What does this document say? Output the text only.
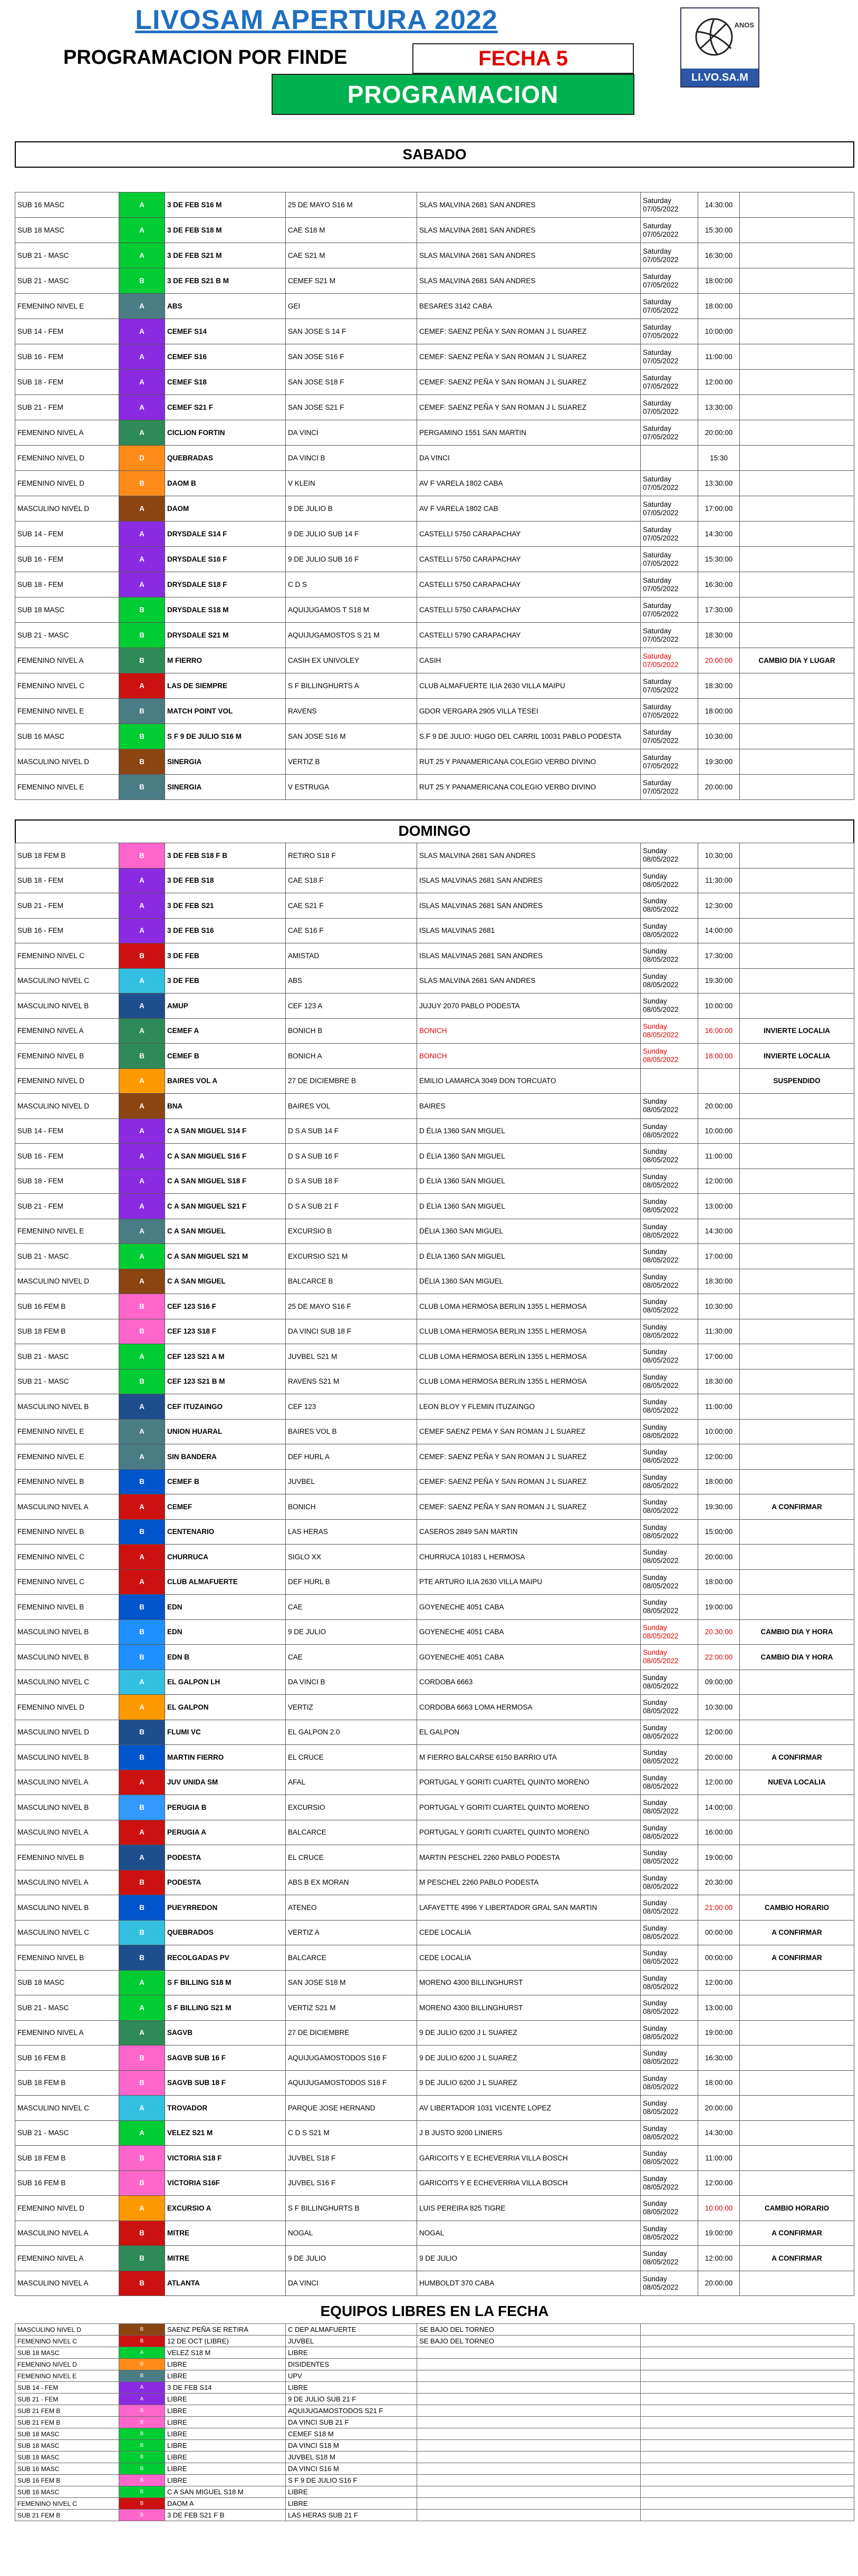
LIVOSAM APERTURA 2022
PROGRAMACION POR FINDE	FECHA 5
PROGRAMACION
ANOS
LI.VO.SA.M
SABADO
SUB 16 MASC	A	3 DE FEB S16 M	25 DE MAYO S16 M	SLAS MALVINA 2681 SAN ANDRES	Saturday
07/05/2022	14:30:00	
SUB 18 MASC	A	3 DE FEB S18 M	CAE S18 M	SLAS MALVINA 2681 SAN ANDRES	Saturday
07/05/2022	15:30:00	
SUB 21 - MASC	A	3 DE FEB S21 M	CAE S21 M	SLAS MALVINA 2681 SAN ANDRES	Saturday
07/05/2022	16:30:00	
SUB 21 - MASC	B	3 DE FEB S21 B M	CEMEF S21 M	SLAS MALVINA 2681 SAN ANDRES	Saturday
07/05/2022	18:00:00	
FEMENINO NIVEL E	A	ABS	GEI	BESARES 3142 CABA	Saturday
07/05/2022	18:00:00	
SUB 14 - FEM	A	CEMEF S14	SAN JOSE S 14 F	CEMEF: SAENZ PEÑA Y SAN ROMAN J L SUAREZ	Saturday
07/05/2022	10:00:00	
SUB 16 - FEM	A	CEMEF S16	SAN JOSE S16 F	CEMEF: SAENZ PEÑA Y SAN ROMAN J L SUAREZ	Saturday
07/05/2022	11:00:00	
SUB 18 - FEM	A	CEMEF S18	SAN JOSE S18 F	CEMEF: SAENZ PEÑA Y SAN ROMAN J L SUAREZ	Saturday
07/05/2022	12:00:00	
SUB 21 - FEM	A	CEMEF S21 F	SAN JOSE S21 F	CEMEF: SAENZ PEÑA Y SAN ROMAN J L SUAREZ	Saturday
07/05/2022	13:30:00	
FEMENINO NIVEL A	A	CICLION FORTIN	DA VINCI	PERGAMINO 1551 SAN MARTIN	Saturday
07/05/2022	20:00:00	
FEMENINO NIVEL D	D	QUEBRADAS	DA VINCI B	DA VINCI		15:30	
FEMENINO NIVEL D	B	DAOM B	V KLEIN	AV F VARELA 1802 CABA	Saturday
07/05/2022	13:30:00	
MASCULINO NIVEL D	A	DAOM	9 DE JULIO B	AV F VARELA 1802 CAB	Saturday
07/05/2022	17:00:00	
SUB 14 - FEM	A	DRYSDALE S14 F	9 DE JULIO SUB 14 F	CASTELLI 5750 CARAPACHAY	Saturday
07/05/2022	14:30:00	
SUB 16 - FEM	A	DRYSDALE S16 F	9 DE JULIO SUB 16 F	CASTELLI 5750 CARAPACHAY	Saturday
07/05/2022	15:30:00	
SUB 18 - FEM	A	DRYSDALE S18 F	C D S	CASTELLI 5750 CARAPACHAY	Saturday
07/05/2022	16:30:00	
SUB 18 MASC	B	DRYSDALE S18 M	AQUIJUGAMOS T S18 M	CASTELLI 5750 CARAPACHAY	Saturday
07/05/2022	17:30:00	
SUB 21 - MASC	B	DRYSDALE S21 M	AQUIJUGAMOSTOS S 21 M	CASTELLI 5790 CARAPACHAY	Saturday
07/05/2022	18:30:00	
FEMENINO NIVEL A	B	M FIERRO	CASIH EX UNIVOLEY	CASIH	Saturday
07/05/2022	20:00:00	CAMBIO DIA Y LUGAR
FEMENINO NIVEL C	A	LAS DE SIEMPRE	S F BILLINGHURTS A	CLUB ALMAFUERTE ILIA 2630 VILLA MAIPU	Saturday
07/05/2022	18:30:00	
FEMENINO NIVEL E	B	MATCH POINT VOL	RAVENS	GDOR VERGARA 2905 VILLA TESEI	Saturday
07/05/2022	18:00:00	
SUB 16 MASC	B	S F 9 DE JULIO S16 M	SAN JOSE S16 M	S.F 9 DE JULIO: HUGO DEL CARRIL 10031 PABLO PODESTA	Saturday
07/05/2022	10:30:00	
MASCULINO NIVEL D	B	SINERGIA	VERTIZ B	RUT 25 Y PANAMERICANA COLEGIO VERBO DIVINO	Saturday
07/05/2022	19:30:00	
FEMENINO NIVEL E	B	SINERGIA	V ESTRUGA	RUT 25 Y PANAMERICANA COLEGIO VERBO DIVINO	Saturday
07/05/2022	20:00:00	
DOMINGO
SUB 18 FEM B	B	3 DE FEB S18 F B	RETIRO S18 F	SLAS MALVINA 2681 SAN ANDRES	Sunday
08/05/2022	10:30:00	
SUB 18 - FEM	A	3 DE FEB S18	CAE S18 F	ISLAS MALVINAS 2681 SAN ANDRES	Sunday
08/05/2022	11:30:00	
SUB 21 - FEM	A	3 DE FEB S21	CAE S21 F	ISLAS MALVINAS 2681 SAN ANDRES	Sunday
08/05/2022	12:30:00	
SUB 16 - FEM	A	3 DE FEB S16	CAE S16 F	ISLAS MALVINAS 2681	Sunday
08/05/2022	14:00:00	
FEMENINO NIVEL C	B	3 DE FEB	AMISTAD	ISLAS MALVINAS 2681 SAN ANDRES	Sunday
08/05/2022	17:30:00	
MASCULINO NIVEL C	A	3 DE FEB	ABS	SLAS MALVINA 2681 SAN ANDRES	Sunday
08/05/2022	19:30:00	
MASCULINO NIVEL B	A	AMUP	CEF 123 A	JUJUY 2070 PABLO PODESTA	Sunday
08/05/2022	10:00:00	
FEMENINO NIVEL A	A	CEMEF A	BONICH B	BONICH	Sunday
08/05/2022	16:00:00	INVIERTE LOCALIA
FEMENINO NIVEL B	B	CEMEF B	BONICH A	BONICH	Sunday
08/05/2022	18:00:00	INVIERTE LOCALIA
FEMENINO NIVEL D	A	BAIRES VOL A	27 DE DICIEMBRE B	EMILIO LAMARCA 3049 DON TORCUATO			SUSPENDIDO
MASCULINO NIVEL D	A	BNA	BAIRES VOL	BAIRES	Sunday
08/05/2022	20:00:00	
SUB 14 - FEM	A	C A SAN MIGUEL S14 F	D S A SUB 14 F	D ÉLIA 1360 SAN MIGUEL	Sunday
08/05/2022	10:00:00	
SUB 16 - FEM	A	C A SAN MIGUEL S16 F	D S A SUB 16 F	D ÉLIA 1360 SAN MIGUEL	Sunday
08/05/2022	11:00:00	
SUB 18 - FEM	A	C A SAN MIGUEL S18 F	D S A SUB 18 F	D ÉLIA 1360 SAN MIGUEL	Sunday
08/05/2022	12:00:00	
SUB 21 - FEM	A	C A SAN MIGUEL S21 F	D S A SUB 21 F	D ÉLIA 1360 SAN MIGUEL	Sunday
08/05/2022	13:00:00	
FEMENINO NIVEL E	A	C A SAN MIGUEL	EXCURSIO B	DÉLIA 1360 SAN MIGUEL	Sunday
08/05/2022	14:30:00	
SUB 21 - MASC	A	C A SAN MIGUEL S21 M	EXCURSIO S21 M	D ÉLIA 1360 SAN MIGUEL	Sunday
08/05/2022	17:00:00	
MASCULINO NIVEL D	A	C A SAN MIGUEL	BALCARCE B	DÉLIA 1360 SAN MIGUEL	Sunday
08/05/2022	18:30:00	
SUB 16 FEM B	B	CEF 123 S16 F	25 DE MAYO S16 F	CLUB LOMA HERMOSA BERLIN 1355 L HERMOSA	Sunday
08/05/2022	10:30:00	
SUB 18 FEM B	B	CEF 123 S18 F	DA VINCI SUB 18 F	CLUB LOMA HERMOSA BERLIN 1355 L HERMOSA	Sunday
08/05/2022	11:30:00	
SUB 21 - MASC	A	CEF 123 S21 A M	JUVBEL S21 M	CLUB LOMA HERMOSA BERLIN 1355 L HERMOSA	Sunday
08/05/2022	17:00:00	
SUB 21 - MASC	B	CEF 123 S21 B M	RAVENS S21 M	CLUB LOMA HERMOSA BERLIN 1355 L HERMOSA	Sunday
08/05/2022	18:30:00	
MASCULINO NIVEL B	A	CEF ITUZAINGO	CEF 123	LEON BLOY Y FLEMIN ITUZAINGO	Sunday
08/05/2022	11:00:00	
FEMENINO NIVEL E	A	UNION HUARAL	BAIRES VOL B	CEMEF SAENZ PEMA Y SAN ROMAN J L SUAREZ	Sunday
08/05/2022	10:00:00	
FEMENINO NIVEL E	A	SIN BANDERA	DEF HURL A	CEMEF: SAENZ PEÑA Y SAN ROMAN J L SUAREZ	Sunday
08/05/2022	12:00:00	
FEMENINO NIVEL B	B	CEMEF B	JUVBEL	CEMEF: SAENZ PEÑA Y SAN ROMAN J L SUAREZ	Sunday
08/05/2022	18:00:00	
MASCULINO NIVEL A	A	CEMEF	BONICH	CEMEF: SAENZ PEÑA Y SAN ROMAN J L SUAREZ	Sunday
08/05/2022	19:30:00	A CONFIRMAR
FEMENINO NIVEL B	B	CENTENARIO	LAS HERAS	CASEROS 2849 SAN MARTIN	Sunday
08/05/2022	15:00:00	
FEMENINO NIVEL C	A	CHURRUCA	SIGLO XX	CHURRUCA 10183 L HERMOSA	Sunday
08/05/2022	20:00:00	
FEMENINO NIVEL C	A	CLUB ALMAFUERTE	DEF HURL B	PTE ARTURO ILIA 2630 VILLA MAIPU	Sunday
08/05/2022	18:00:00	
FEMENINO NIVEL B	B	EDN	CAE	GOYENECHE 4051 CABA	Sunday
08/05/2022	19:00:00	
MASCULINO NIVEL B	B	EDN	9 DE JULIO	GOYENECHE 4051 CABA	Sunday
08/05/2022	20:30:00	CAMBIO DIA Y HORA
MASCULINO NIVEL B	B	EDN B	CAE	GOYENECHE 4051 CABA	Sunday
08/05/2022	22:00:00	CAMBIO DIA Y HORA
MASCULINO NIVEL C	A	EL GALPON LH	DA VINCI B	CORDOBA 6663	Sunday
08/05/2022	09:00:00	
FEMENINO NIVEL D	A	EL GALPON	VERTIZ	CORDOBA 6663 LOMA HERMOSA	Sunday
08/05/2022	10:30:00	
MASCULINO NIVEL D	B	FLUMI VC	EL GALPON 2.0	EL GALPON	Sunday
08/05/2022	12:00:00	
MASCULINO NIVEL B	B	MARTIN FIERRO	EL CRUCE	M FIERRO BALCARSE 6150 BARRIO UTA	Sunday
08/05/2022	20:00:00	A CONFIRMAR
MASCULINO NIVEL A	A	JUV UNIDA SM	AFAL	PORTUGAL Y GORITI CUARTEL QUINTO MORENO	Sunday
08/05/2022	12:00:00	NUEVA LOCALIA
MASCULINO NIVEL B	B	PERUGIA B	EXCURSIO	PORTUGAL Y GORITI CUARTEL QUINTO MORENO	Sunday
08/05/2022	14:00:00	
MASCULINO NIVEL A	A	PERUGIA A	BALCARCE	PORTUGAL Y GORITI CUARTEL QUINTO MORENO	Sunday
08/05/2022	16:00:00	
FEMENINO NIVEL B	A	PODESTA	EL CRUCE	MARTIN PESCHEL 2260 PABLO PODESTA	Sunday
08/05/2022	19:00:00	
MASCULINO NIVEL A	B	PODESTA	ABS B EX MORAN	M PESCHEL 2260 PABLO PODESTA	Sunday
08/05/2022	20:30:00	
MASCULINO NIVEL B	B	PUEYRREDON	ATENEO	LAFAYETTE 4996 Y LIBERTADOR GRAL SAN MARTIN	Sunday
08/05/2022	21:00:00	CAMBIO HORARIO
MASCULINO NIVEL C	B	QUEBRADOS	VERTIZ A	CEDE LOCALIA	Sunday
08/05/2022	00:00:00	A CONFIRMAR
FEMENINO NIVEL B	B	RECOLGADAS PV	BALCARCE	CEDE LOCALIA	Sunday
08/05/2022	00:00:00	A CONFIRMAR
SUB 18 MASC	A	S F BILLING S18 M	SAN JOSE S18 M	MORENO 4300 BILLINGHURST	Sunday
08/05/2022	12:00:00	
SUB 21 - MASC	A	S F BILLING S21 M	VERTIZ S21 M	MORENO 4300 BILLINGHURST	Sunday
08/05/2022	13:00:00	
FEMENINO NIVEL A	A	SAGVB	27 DE DICIEMBRE	9 DE JULIO 6200 J L SUAREZ	Sunday
08/05/2022	19:00:00	
SUB 16 FEM B	B	SAGVB SUB 16 F	AQUIJUGAMOSTODOS S16 F	9 DE JULIO 6200 J L SUAREZ	Sunday
08/05/2022	16:30:00	
SUB 18 FEM B	B	SAGVB SUB 18 F	AQUIJUGAMOSTODOS S18 F	9 DE JULIO 6200 J L SUAREZ	Sunday
08/05/2022	18:00:00	
MASCULINO NIVEL C	A	TROVADOR	PARQUE JOSE HERNAND	AV LIBERTADOR 1031 VICENTE LOPEZ	Sunday
08/05/2022	20:00:00	
SUB 21 - MASC	A	VELEZ S21 M	C D S S21 M	J B JUSTO 9200 LINIERS	Sunday
08/05/2022	14:30:00	
SUB 18 FEM B	B	VICTORIA S18 F	JUVBEL S18 F	GARICOITS Y E ECHEVERRIA VILLA BOSCH	Sunday
08/05/2022	11:00:00	
SUB 16 FEM B	B	VICTORIA S16F	JUVBEL S16 F	GARICOITS Y E ECHEVERRIA VILLA BOSCH	Sunday
08/05/2022	12:00:00	
FEMENINO NIVEL D	A	EXCURSIO A	S F BILLINGHURTS B	LUIS PEREIRA 825 TIGRE	Sunday
08/05/2022	10:00:00	CAMBIO HORARIO
MASCULINO NIVEL A	B	MITRE	NOGAL	NOGAL	Sunday
08/05/2022	19:00:00	A CONFIRMAR
FEMENINO NIVEL A	B	MITRE	9 DE JULIO	9 DE JULIO	Sunday
08/05/2022	12:00:00	A CONFIRMAR
MASCULINO NIVEL A	B	ATLANTA	DA VINCI	HUMBOLDT 370 CABA	Sunday
08/05/2022	20:00:00	
EQUIPOS LIBRES EN LA FECHA
MASCULINO NIVEL D	B	SAENZ PEÑA SE RETIRA	C DEP ALMAFUERTE	SE BAJO DEL TORNEO	
FEMENINO NIVEL C	B	12 DE OCT (LIBRE)	JUVBEL	SE BAJO DEL TORNEO	
SUB 18 MASC	A	VELEZ S18 M	LIBRE		
FEMENINO NIVEL D	B	LIBRE	DISIDENTES		
FEMENINO NIVEL E	B	LIBRE	UPV		
SUB 14 - FEM	A	3 DE FEB S14	LIBRE		
SUB 21 - FEM	A	LIBRE	9 DE JULIO SUB 21 F		
SUB 21 FEM B	B	LIBRE	AQUIJUGAMOSTODOS S21 F		
SUB 21 FEM B	B	LIBRE	DA VINCI SUB 21 F		
SUB 18 MASC	B	LIBRE	CEMEF S18 M		
SUB 18 MASC	B	LIBRE	DA VINCI S18 M		
SUB 18 MASC	B	LIBRE	JUVBEL S18 M		
SUB 16 MASC	B	LIBRE	DA VINCI S16 M		
SUB 16 FEM B	B	LIBRE	S F 9 DE JULIO S16 F		
SUB 16 MASC	B	C A SAN MIGUEL S18 M	LIBRE		
FEMENINO NIVEL C	B	DAOM A	LIBRE		
SUB 21 FEM B	B	3 DE FEB S21 F B	LAS HERAS SUB 21 F		
